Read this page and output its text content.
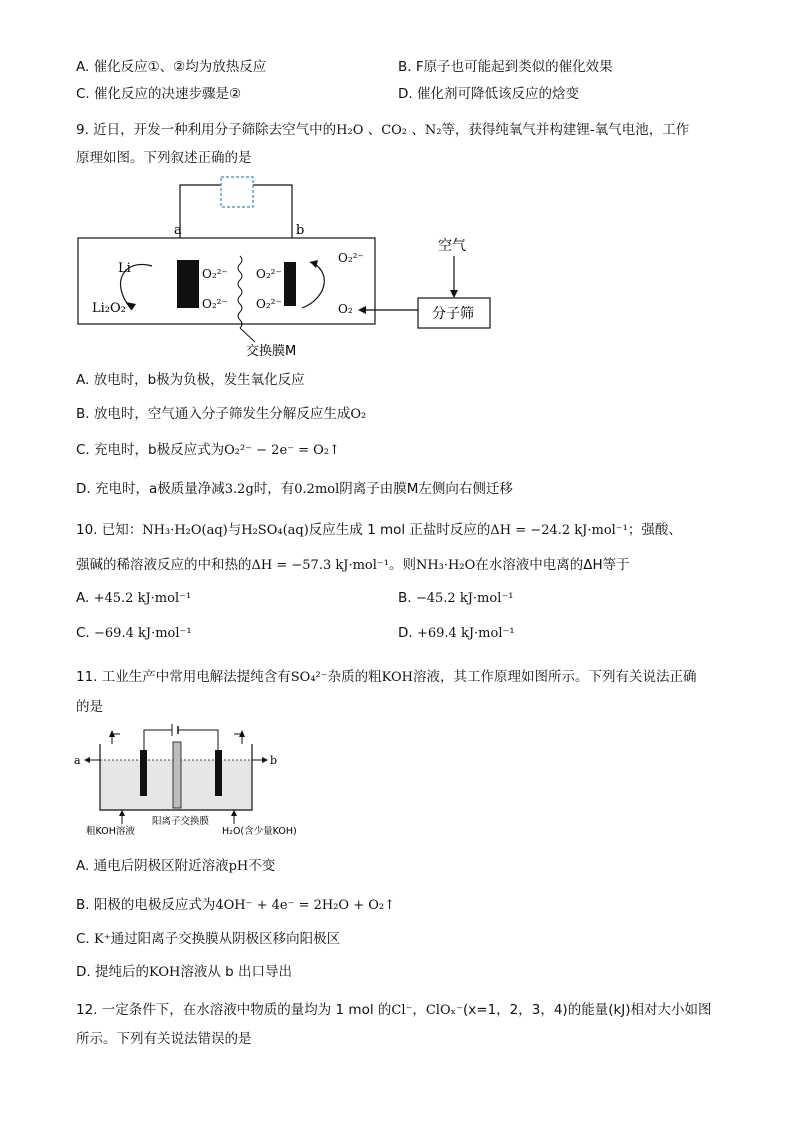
A. 催化反应①、②均为放热反应	B. F原子也可能起到类似的催化效果
C. 催化反应的决速步骤是②	D. 催化剂可降低该反应的焓变
9. 近日，开发一种利用分子筛除去空气中的H₂O 、CO₂ 、N₂等，获得纯氧气并构建锂-氧气电池，工作
原理如图。下列叙述正确的是
a	b
交换膜M
Li
Li₂O₂
O₂²⁻
O₂²⁻
O₂²⁻
O₂²⁻
O₂²⁻
O₂
空气
分子筛
A. 放电时，b极为负极，发生氧化反应
B. 放电时，空气通入分子筛发生分解反应生成O₂
C. 充电时，b极反应式为O₂²⁻ − 2e⁻ = O₂↑
D. 充电时，a极质量净减3.2g时，有0.2mol阴离子由膜M左侧向右侧迁移
10. 已知：NH₃·H₂O(aq)与H₂SO₄(aq)反应生成 1 mol 正盐时反应的ΔH = −24.2 kJ·mol⁻¹；强酸、
强碱的稀溶液反应的中和热的ΔH = −57.3 kJ·mol⁻¹。则NH₃·H₂O在水溶液中电离的ΔH等于
A. +45.2 kJ·mol⁻¹	B. −45.2 kJ·mol⁻¹
C. −69.4 kJ·mol⁻¹	D. +69.4 kJ·mol⁻¹
11. 工业生产中常用电解法提纯含有SO₄²⁻杂质的粗KOH溶液，其工作原理如图所示。下列有关说法正确
的是
a	b
粗KOH溶液
阳离子交换膜
H₂O(含少量KOH)
A. 通电后阴极区附近溶液pH不变
B. 阳极的电极反应式为4OH⁻ + 4e⁻ = 2H₂O + O₂↑
C. K⁺通过阳离子交换膜从阴极区移向阳极区
D. 提纯后的KOH溶液从 b 出口导出
12. 一定条件下，在水溶液中物质的量均为 1 mol 的Cl⁻，ClOₓ⁻(x=1，2，3，4)的能量(kJ)相对大小如图
所示。下列有关说法错误的是
